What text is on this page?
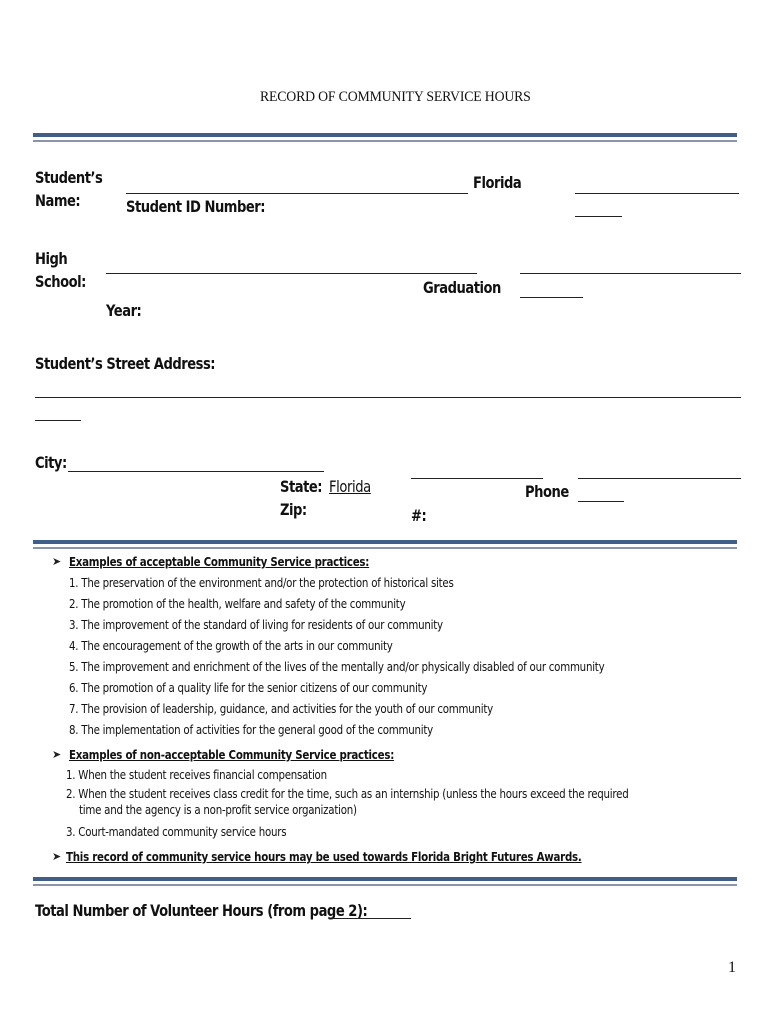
RECORD OF COMMUNITY SERVICE HOURS
Student’s
Name:
Florida
Student ID Number:
High
School:	Graduation
Year:
Student’s Street Address:
City:
State: Florida
Zip:	#:
Phone
➤ Examples of acceptable Community Service practices:
1. The preservation of the environment and/or the protection of historical sites
2. The promotion of the health, welfare and safety of the community
3. The improvement of the standard of living for residents of our community
4. The encouragement of the growth of the arts in our community
5. The improvement and enrichment of the lives of the mentally and/or physically disabled of our community
6. The promotion of a quality life for the senior citizens of our community
7. The provision of leadership, guidance, and activities for the youth of our community
8. The implementation of activities for the general good of the community
➤ Examples of non-acceptable Community Service practices:
1. When the student receives financial compensation
2. When the student receives class credit for the time, such as an internship (unless the hours exceed the required
time and the agency is a non-profit service organization)
3. Court-mandated community service hours
➤ This record of community service hours may be used towards Florida Bright Futures Awards.
Total Number of Volunteer Hours (from page 2):
1
